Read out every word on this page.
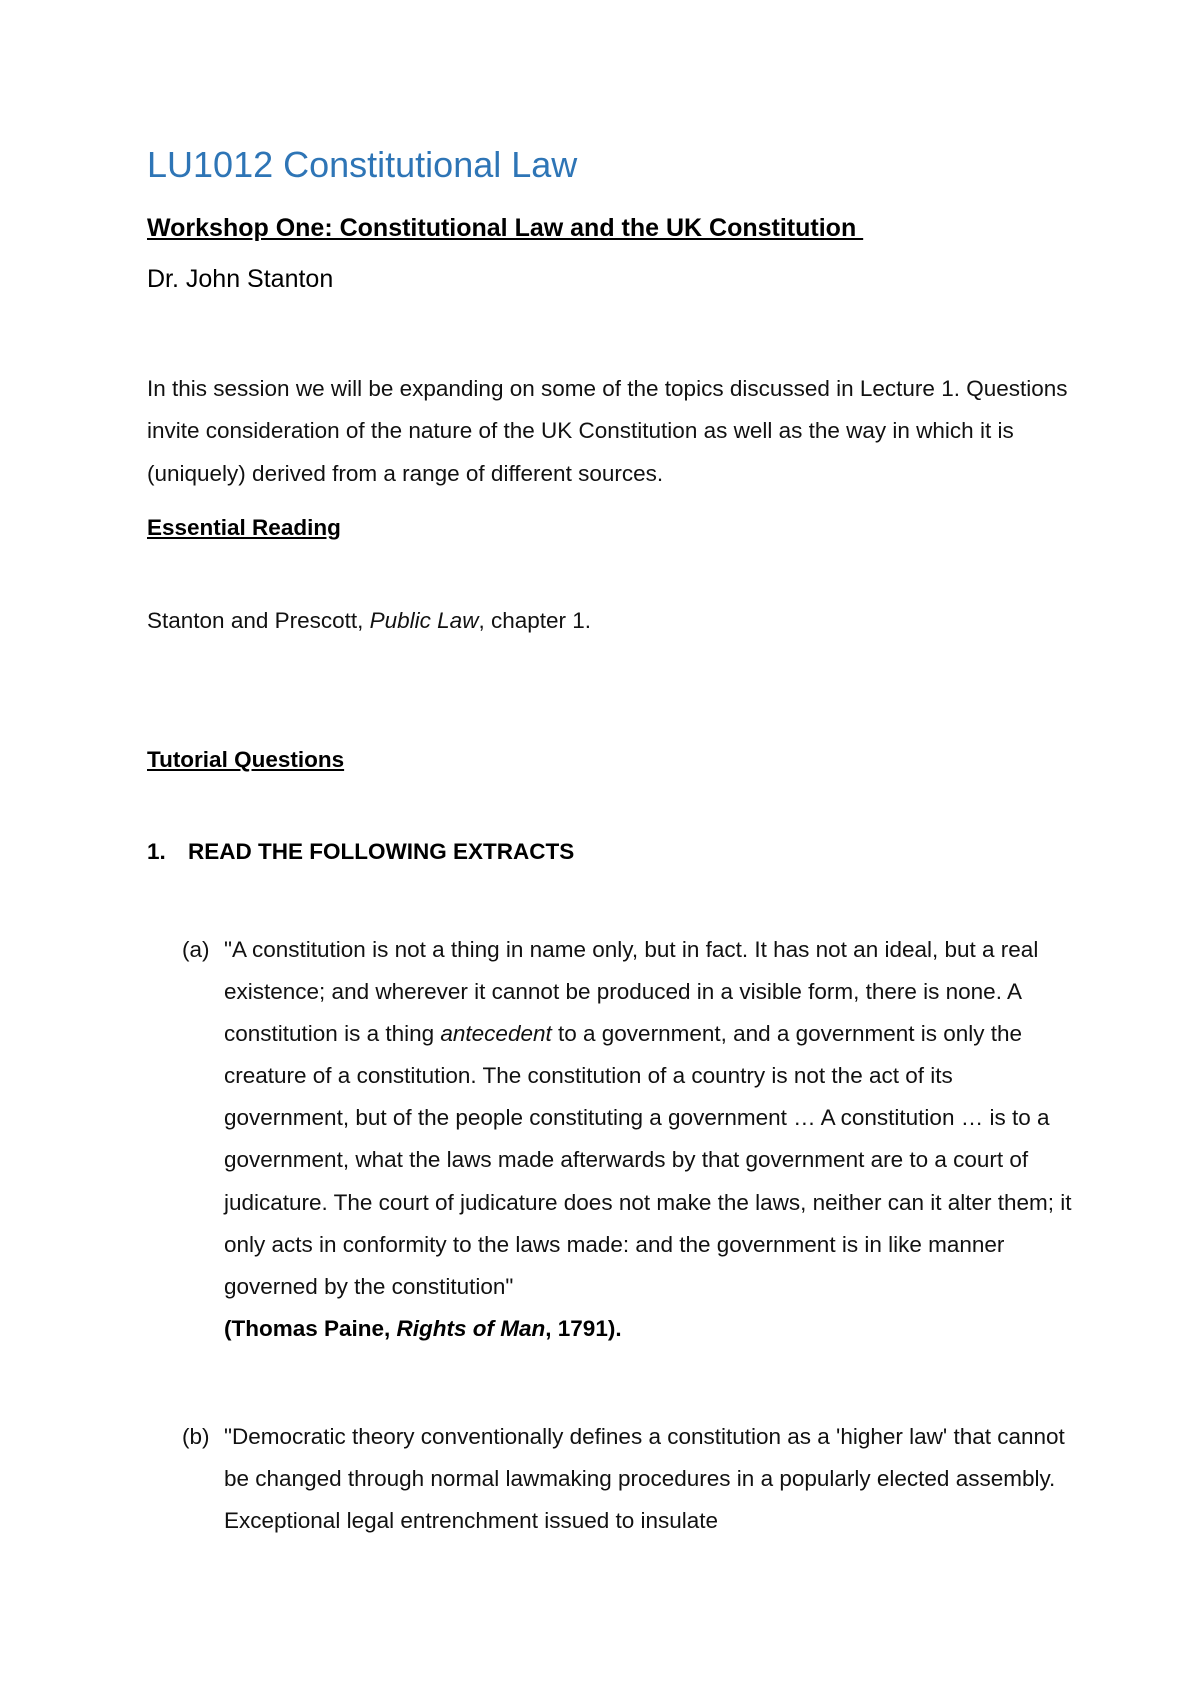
LU1012 Constitutional Law

Workshop One: Constitutional Law and the UK Constitution

Dr. John Stanton

In this session we will be expanding on some of the topics discussed in Lecture 1. Questions invite consideration of the nature of the UK Constitution as well as the way in which it is (uniquely) derived from a range of different sources.

Essential Reading

Stanton and Prescott, Public Law, chapter 1.

Tutorial Questions

1. READ THE FOLLOWING EXTRACTS

(a) "A constitution is not a thing in name only, but in fact. It has not an ideal, but a real existence; and wherever it cannot be produced in a visible form, there is none. A constitution is a thing antecedent to a government, and a government is only the creature of a constitution. The constitution of a country is not the act of its government, but of the people constituting a government … A constitution … is to a government, what the laws made afterwards by that government are to a court of judicature. The court of judicature does not make the laws, neither can it alter them; it only acts in conformity to the laws made: and the government is in like manner governed by the constitution"
(Thomas Paine, Rights of Man, 1791).
(b) "Democratic theory conventionally defines a constitution as a 'higher law' that cannot be changed through normal lawmaking procedures in a popularly elected assembly. Exceptional legal entrenchment issued to insulate
